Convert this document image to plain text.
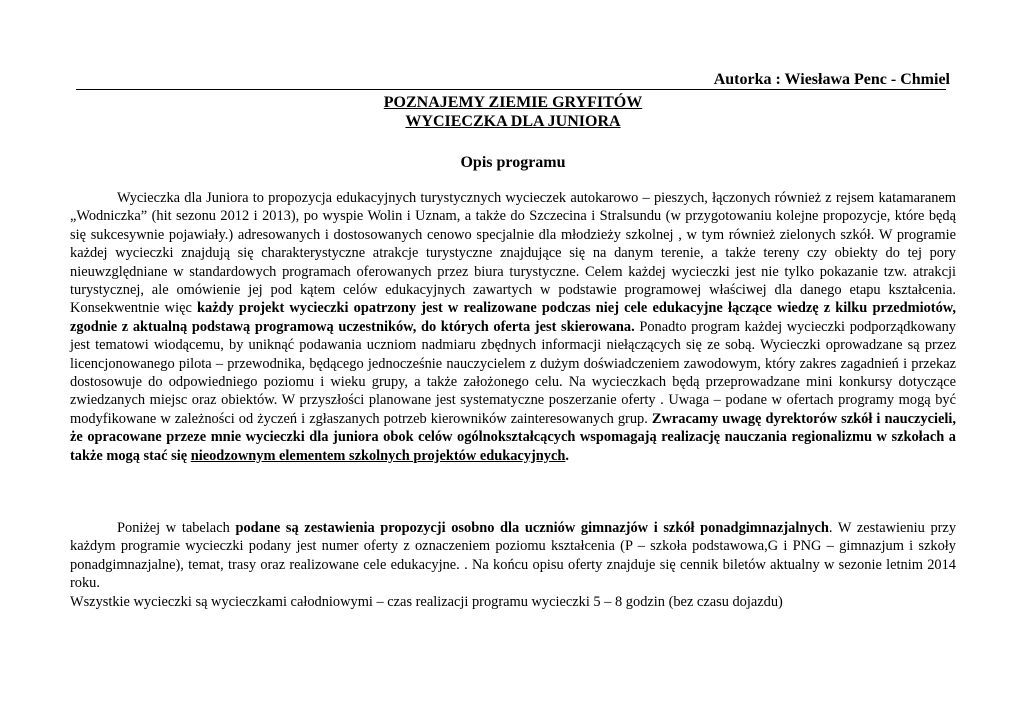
Autorka : Wiesława Penc - Chmiel
POZNAJEMY ZIEMIE GRYFITÓW
WYCIECZKA DLA JUNIORA
Opis programu

Wycieczka dla Juniora to propozycja edukacyjnych turystycznych wycieczek autokarowo – pieszych, łączonych również z rejsem katamaranem „Wodniczka” (hit sezonu 2012 i 2013), po wyspie Wolin i Uznam, a także do Szczecina i Stralsundu (w przygotowaniu kolejne propozycje, które będą się sukcesywnie pojawiały.) adresowanych i dostosowanych cenowo specjalnie dla młodzieży szkolnej , w tym również zielonych szkół. W programie każdej wycieczki znajdują się charakterystyczne atrakcje turystyczne znajdujące się na danym terenie, a także tereny czy obiekty do tej pory nieuwzględniane w standardowych programach oferowanych przez biura turystyczne. Celem każdej wycieczki jest nie tylko pokazanie tzw. atrakcji turystycznej, ale omówienie jej pod kątem celów edukacyjnych zawartych w podstawie programowej właściwej dla danego etapu kształcenia. Konsekwentnie więc każdy projekt wycieczki opatrzony jest w realizowane podczas niej cele edukacyjne łączące wiedzę z kilku przedmiotów, zgodnie z aktualną podstawą programową uczestników, do których oferta jest skierowana. Ponadto program każdej wycieczki podporządkowany jest tematowi wiodącemu, by uniknąć podawania uczniom nadmiaru zbędnych informacji niełączących się ze sobą. Wycieczki oprowadzane są przez licencjonowanego pilota – przewodnika, będącego jednocześnie nauczycielem z dużym doświadczeniem zawodowym, który zakres zagadnień i przekaz dostosowuje do odpowiedniego poziomu i wieku grupy, a także założonego celu. Na wycieczkach będą przeprowadzane mini konkursy dotyczące zwiedzanych miejsc oraz obiektów. W przyszłości planowane jest systematyczne poszerzanie oferty . Uwaga – podane w ofertach programy mogą być modyfikowane w zależności od życzeń i zgłaszanych potrzeb kierowników zainteresowanych grup. Zwracamy uwagę dyrektorów szkół i nauczycieli, że opracowane przeze mnie wycieczki dla juniora obok celów ogólnokształcących wspomagają realizację nauczania regionalizmu w szkołach a także mogą stać się nieodzownym elementem szkolnych projektów edukacyjnych.

Poniżej w tabelach podane są zestawienia propozycji osobno dla uczniów gimnazjów i szkół ponadgimnazjalnych. W zestawieniu przy każdym programie wycieczki podany jest numer oferty z oznaczeniem poziomu kształcenia (P – szkoła podstawowa,G i PNG – gimnazjum i szkoły ponadgimnazjalne), temat, trasy oraz realizowane cele edukacyjne. . Na końcu opisu oferty znajduje się cennik biletów aktualny w sezonie letnim 2014 roku.

Wszystkie wycieczki są wycieczkami całodniowymi – czas realizacji programu wycieczki 5 – 8 godzin (bez czasu dojazdu)
